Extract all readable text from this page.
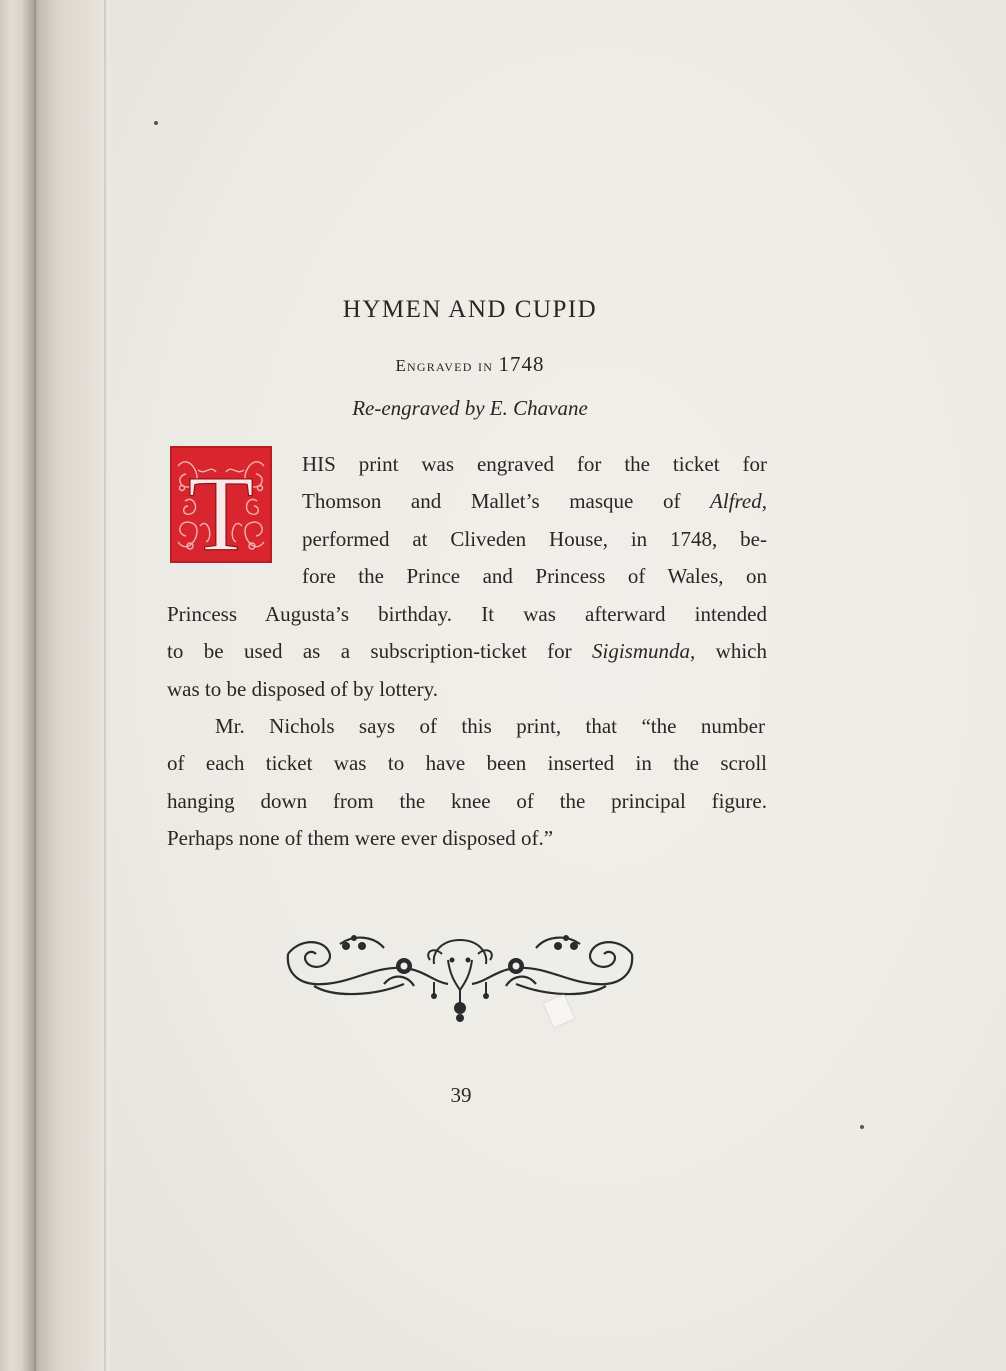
HYMEN AND CUPID
Engraved in 1748
Re-engraved by E. Chavane
T HIS print was engraved for the ticket for
Thomson and Mallet’s masque of Alfred,
performed at Cliveden House, in 1748, be-
fore the Prince and Princess of Wales, on
Princess Augusta’s birthday. It was afterward intended
to be used as a subscription-ticket for Sigismunda, which
was to be disposed of by lottery.
Mr. Nichols says of this print, that “the number
of each ticket was to have been inserted in the scroll
hanging down from the knee of the principal figure.
Perhaps none of them were ever disposed of.”
39
